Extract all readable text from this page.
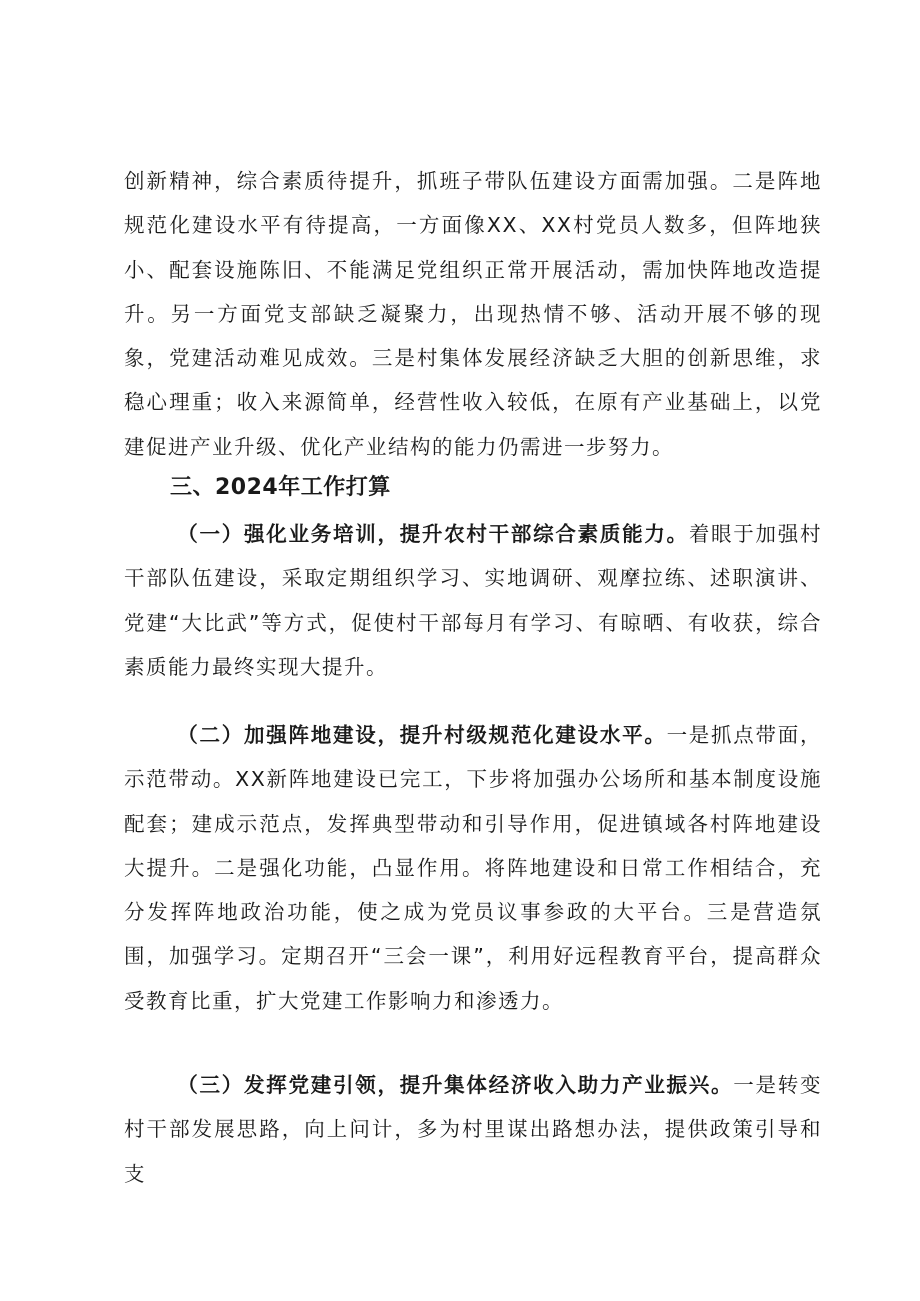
创新精神，综合素质待提升，抓班子带队伍建设方面需加强。二是阵地规范化建设水平有待提高，一方面像XX、XX村党员人数多，但阵地狭小、配套设施陈旧、不能满足党组织正常开展活动，需加快阵地改造提升。另一方面党支部缺乏凝聚力，出现热情不够、活动开展不够的现象，党建活动难见成效。三是村集体发展经济缺乏大胆的创新思维，求稳心理重；收入来源简单，经营性收入较低，在原有产业基础上，以党建促进产业升级、优化产业结构的能力仍需进一步努力。

三、2024年工作打算

（一）强化业务培训，提升农村干部综合素质能力。着眼于加强村干部队伍建设，采取定期组织学习、实地调研、观摩拉练、述职演讲、党建“大比武”等方式，促使村干部每月有学习、有晾晒、有收获，综合素质能力最终实现大提升。

（二）加强阵地建设，提升村级规范化建设水平。一是抓点带面，示范带动。XX新阵地建设已完工，下步将加强办公场所和基本制度设施配套；建成示范点，发挥典型带动和引导作用，促进镇域各村阵地建设大提升。二是强化功能，凸显作用。将阵地建设和日常工作相结合，充分发挥阵地政治功能，使之成为党员议事参政的大平台。三是营造氛围，加强学习。定期召开“三会一课”，利用好远程教育平台，提高群众受教育比重，扩大党建工作影响力和渗透力。

（三）发挥党建引领，提升集体经济收入助力产业振兴。一是转变村干部发展思路，向上问计，多为村里谋出路想办法，提供政策引导和支
